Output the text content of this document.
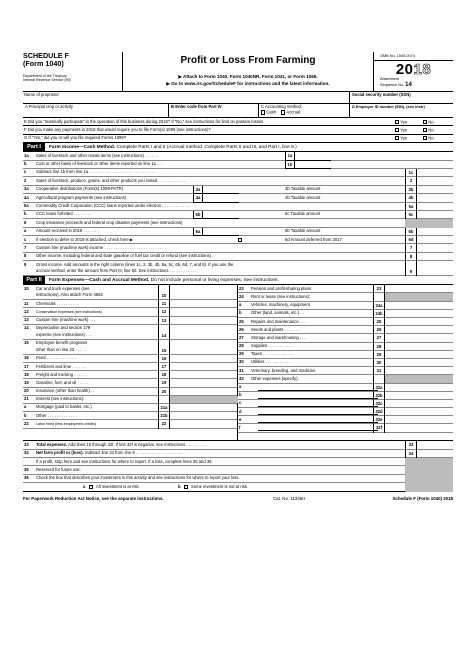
SCHEDULE F
(Form 1040)
Department of the Treasury
Internal Revenue Service (99)
Profit or Loss From Farming
▶ Attach to Form 1040, Form 1040NR, Form 1041, or Form 1065.
▶ Go to www.irs.gov/ScheduleF for instructions and the latest information.
OMB No. 1545-0074
2018
Attachment
Sequence No. 14
Name of proprietor	Social security number (SSN)
A Principal crop or activity	B Enter code from Part IV	C Accounting method:
Cash Accrual
D Employer ID number (EIN), (see instr)
E Did you “materially participate” in the operation of this business during 2018? If “No,” see instructions for limit on passive losses	Yes	No
F Did you make any payments in 2018 that would require you to file Form(s) 1099 (see instructions)?	Yes	No
G If “Yes,” did you or will you file required Forms 1099?	Yes	No
Part I	Farm Income—Cash Method. Complete Parts I and II (Accrual method. Complete Parts II and III, and Part I, line 9.)
1a Sales of livestock and other resale items (see instructions) . . . . . .	1a
b Cost or other basis of livestock or other items reported on line 1a . . .	1b
c Subtract line 1b from line 1a . . . . . . . . . . . . . . . . . . . . . . . . . . . . .	1c
2 Sales of livestock, produce, grains, and other products you raised . . . . . . . . . . . .	2
3a Cooperative distributions (Form(s) 1099-PATR) .	3a	3b Taxable amount	3b
4a Agricultural program payments (see instructions) .	4a	4b Taxable amount	4b
5a Commodity Credit Corporation (CCC) loans reported under election . . . . . . . . . . . .	5a
b CCC loans forfeited . . . . . . . .	5b	5c Taxable amount	5c
6 Crop insurance proceeds and federal crop disaster payments (see instructions)
a Amount received in 2018 . . . . . . .	6a	6b Taxable amount	6b
c If election to defer to 2019 is attached, check here ▶	6d Amount deferred from 2017	6d
7 Custom hire (machine work) income . . . . . . . . . . . . . . . . . . . . . . . . . . .	7
8 Other income, including federal and state gasoline or fuel tax credit or refund (see instructions) .	8
9 Gross income. Add amounts in the right column (lines 1c, 2, 3b, 4b, 5a, 5c, 6b, 6d, 7, and 8). If you use the
accrual method, enter the amount from Part III, line 50. See instructions . . . . . . . . . . . .	9
Part II	Farm Expenses—Cash and Accrual Method. Do not include personal or living expenses. See instructions.
10 Car and truck expenses (see
instructions). Also attach Form 4562	10
11 Chemicals . . . . . . . . . .	11
12 Conservation expenses (see instructions)	12
13 Custom hire (machine work) . . .	13
14 Depreciation and section 179
expense (see instructions) . . .	14
15 Employee benefit programs
other than on line 23 . . . . .	15
16 Feed . . . . . . . . . . . . .	16
17 Fertilizers and lime . . . . . .	17
18 Freight and trucking . . . . . .	18
19 Gasoline, fuel, and oil . . . . .	19
20 Insurance (other than health) . .	20
21 Interest (see instructions):
a Mortgage (paid to banks, etc.)	21a
b Other . . . . . . . . . . . . .	21b
22 Labor hired (less employment credits)	22
23 Pension and profit-sharing plans	23
24 Rent or lease (see instructions):
a Vehicles, machinery, equipment	24a
b Other (land, animals, etc.) . .	24b
25 Repairs and maintenance . . .	25
26 Seeds and plants . . . . . . .	26
27 Storage and warehousing . . .	27
28 Supplies . . . . . . . . . . .	28
29 Taxes . . . . . . . . . . . . .	29
30 Utilities . . . . . . . . . . .	30
31 Veterinary, breeding, and medicine	31
32 Other expenses (specify):
a	32a
b	32b
c	32c
d	32d
e	32e
f	32f
33 Total expenses. Add lines 10 through 32f. If line 32f is negative, see instructions . . . . . . . . .	33
34 Net farm profit or (loss). Subtract line 33 from line 9 . . . . . . . . . . . . . . . . . . . . .	34
If a profit, stop here and see instructions for where to report. If a loss, complete lines 35 and 36.
35 Reserved for future use.
36 Check the box that describes your investment in this activity and see instructions for where to report your loss.
a	All investment is at risk.	b Some investment is not at risk.
For Paperwork Reduction Act Notice, see the separate instructions.	Cat. No. 11346H	Schedule F (Form 1040) 2018
